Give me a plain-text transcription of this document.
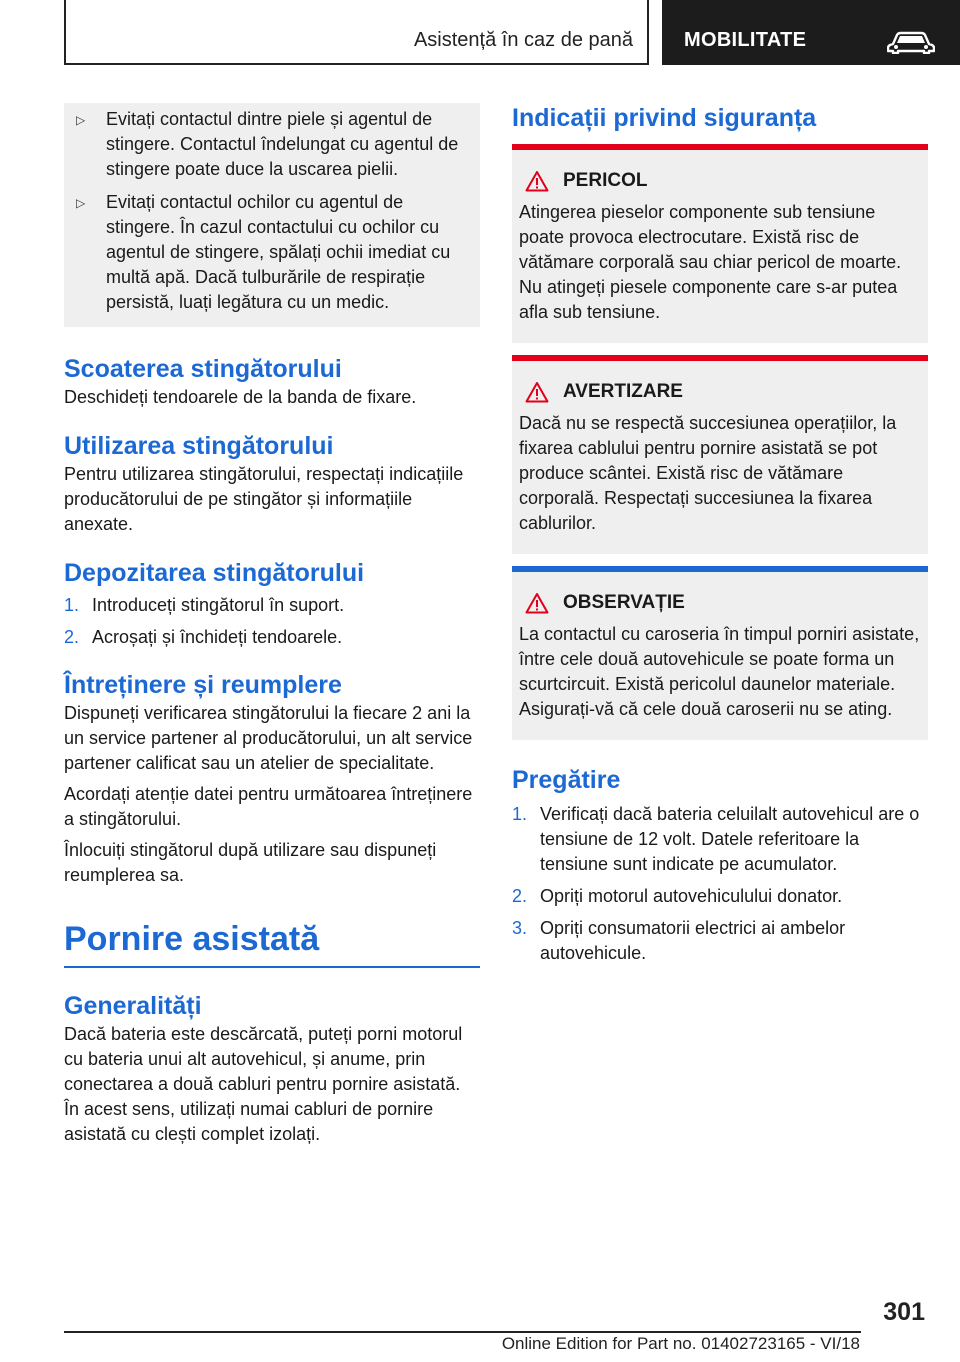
Asistență în caz de pană	MOBILITATE
▷	Evitați contactul dintre piele și agentul de stingere. Contactul îndelungat cu agentul de stingere poate duce la uscarea pielii.
▷	Evitați contactul ochilor cu agentul de stingere. În cazul contactului cu ochilor cu agentul de stingere, spălați ochii imediat cu multă apă. Dacă tulburările de respirație persistă, luați legătura cu un medic.
Scoaterea stingătorului

Deschideți tendoarele de la banda de fixare.

Utilizarea stingătorului

Pentru utilizarea stingătorului, respectați indicațiile producătorului de pe stingător și informațiile anexate.

Depozitarea stingătorului
1. Introduceți stingătorul în suport.
2. Acroșați și închideți tendoarele.
Întreținere și reumplere

Dispuneți verificarea stingătorului la fiecare 2 ani la un service partener al producătorului, un alt service partener calificat sau un atelier de specialitate.

Acordați atenție datei pentru următoarea întreținere a stingătorului.

Înlocuiți stingătorul după utilizare sau dispuneți reumplerea sa.

Pornire asistată
Generalități

Dacă bateria este descărcată, puteți porni motorul cu bateria unui alt autovehicul, și anume, prin conectarea a două cabluri pentru pornire asistată. În acest sens, utilizați numai cabluri de pornire asistată cu clești complet izolați.

Indicații privind siguranța
PERICOL

Atingerea pieselor componente sub tensiune poate provoca electrocutare. Există risc de vătămare corporală sau chiar pericol de moarte. Nu atingeți piesele componente care s-ar putea afla sub tensiune.

AVERTIZARE

Dacă nu se respectă succesiunea operațiilor, la fixarea cablului pentru pornire asistată se pot produce scântei. Există risc de vătămare corporală. Respectați succesiunea la fixarea cablurilor.

OBSERVAȚIE

La contactul cu caroseria în timpul porniri asistate, între cele două autovehicule se poate forma un scurtcircuit. Există pericolul daunelor materiale. Asigurați-vă că cele două caroserii nu se ating.

Pregătire
1. Verificați dacă bateria celuilalt autovehicul are o tensiune de 12 volt. Datele referitoare la tensiune sunt indicate pe acumulator.
2. Opriți motorul autovehiculului donator.
3. Opriți consumatorii electrici ai ambelor autovehicule.
301
Online Edition for Part no. 01402723165 - VI/18
